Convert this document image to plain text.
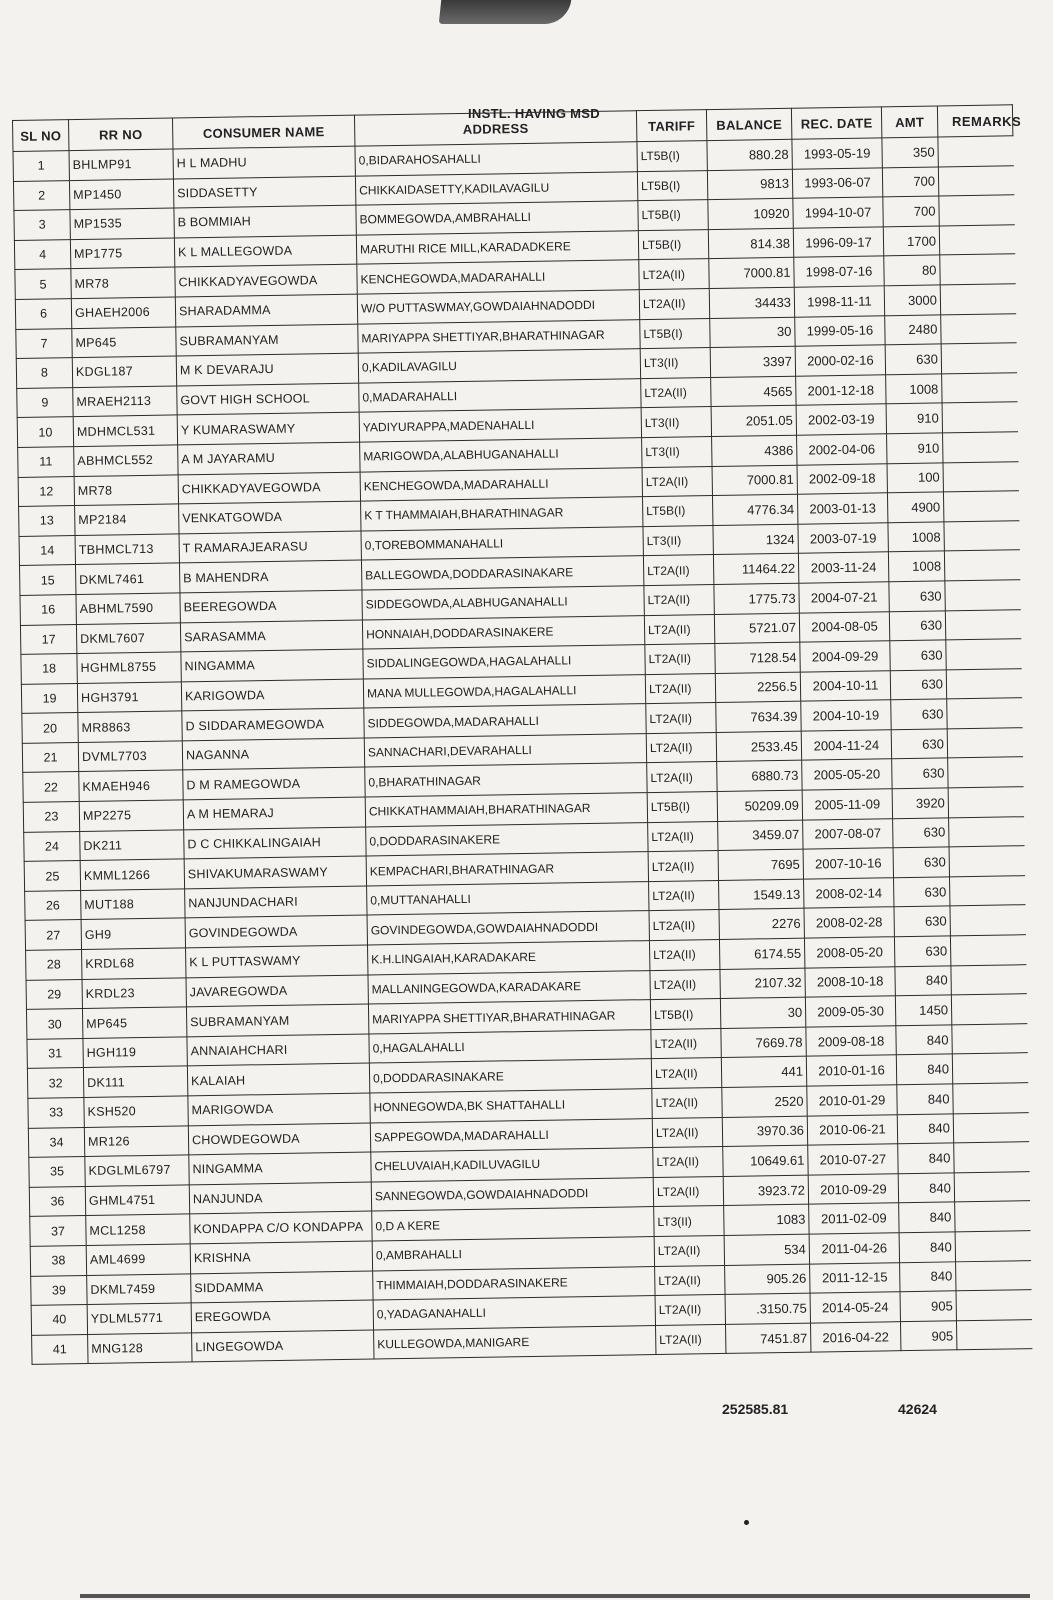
INSTL. HAVING MSD
REMARKS
SL NO	RR NO	CONSUMER NAME	ADDRESS	TARIFF	BALANCE	REC. DATE	AMT	
1	BHLMP91	H L MADHU	0,BIDARAHOSAHALLI	LT5B(I)	880.28	1993-05-19	350	
2	MP1450	SIDDASETTY	CHIKKAIDASETTY,KADILAVAGILU	LT5B(I)	9813	1993-06-07	700	
3	MP1535	B BOMMIAH	BOMMEGOWDA,AMBRAHALLI	LT5B(I)	10920	1994-10-07	700	
4	MP1775	K L MALLEGOWDA	MARUTHI RICE MILL,KARADADKERE	LT5B(I)	814.38	1996-09-17	1700	
5	MR78	CHIKKADYAVEGOWDA	KENCHEGOWDA,MADARAHALLI	LT2A(II)	7000.81	1998-07-16	80	
6	GHAEH2006	SHARADAMMA	W/O PUTTASWMAY,GOWDAIAHNADODDI	LT2A(II)	34433	1998-11-11	3000	
7	MP645	SUBRAMANYAM	MARIYAPPA SHETTIYAR,BHARATHINAGAR	LT5B(I)	30	1999-05-16	2480	
8	KDGL187	M K DEVARAJU	0,KADILAVAGILU	LT3(II)	3397	2000-02-16	630	
9	MRAEH2113	GOVT HIGH SCHOOL	0,MADARAHALLI	LT2A(II)	4565	2001-12-18	1008	
10	MDHMCL531	Y KUMARASWAMY	YADIYURAPPA,MADENAHALLI	LT3(II)	2051.05	2002-03-19	910	
11	ABHMCL552	A M JAYARAMU	MARIGOWDA,ALABHUGANAHALLI	LT3(II)	4386	2002-04-06	910	
12	MR78	CHIKKADYAVEGOWDA	KENCHEGOWDA,MADARAHALLI	LT2A(II)	7000.81	2002-09-18	100	
13	MP2184	VENKATGOWDA	K T THAMMAIAH,BHARATHINAGAR	LT5B(I)	4776.34	2003-01-13	4900	
14	TBHMCL713	T RAMARAJEARASU	0,TOREBOMMANAHALLI	LT3(II)	1324	2003-07-19	1008	
15	DKML7461	B MAHENDRA	BALLEGOWDA,DODDARASINAKARE	LT2A(II)	11464.22	2003-11-24	1008	
16	ABHML7590	BEEREGOWDA	SIDDEGOWDA,ALABHUGANAHALLI	LT2A(II)	1775.73	2004-07-21	630	
17	DKML7607	SARASAMMA	HONNAIAH,DODDARASINAKERE	LT2A(II)	5721.07	2004-08-05	630	
18	HGHML8755	NINGAMMA	SIDDALINGEGOWDA,HAGALAHALLI	LT2A(II)	7128.54	2004-09-29	630	
19	HGH3791	KARIGOWDA	MANA MULLEGOWDA,HAGALAHALLI	LT2A(II)	2256.5	2004-10-11	630	
20	MR8863	D SIDDARAMEGOWDA	SIDDEGOWDA,MADARAHALLI	LT2A(II)	7634.39	2004-10-19	630	
21	DVML7703	NAGANNA	SANNACHARI,DEVARAHALLI	LT2A(II)	2533.45	2004-11-24	630	
22	KMAEH946	D M RAMEGOWDA	0,BHARATHINAGAR	LT2A(II)	6880.73	2005-05-20	630	
23	MP2275	A M HEMARAJ	CHIKKATHAMMAIAH,BHARATHINAGAR	LT5B(I)	50209.09	2005-11-09	3920	
24	DK211	D C CHIKKALINGAIAH	0,DODDARASINAKERE	LT2A(II)	3459.07	2007-08-07	630	
25	KMML1266	SHIVAKUMARASWAMY	KEMPACHARI,BHARATHINAGAR	LT2A(II)	7695	2007-10-16	630	
26	MUT188	NANJUNDACHARI	0,MUTTANAHALLI	LT2A(II)	1549.13	2008-02-14	630	
27	GH9	GOVINDEGOWDA	GOVINDEGOWDA,GOWDAIAHNADODDI	LT2A(II)	2276	2008-02-28	630	
28	KRDL68	K L PUTTASWAMY	K.H.LINGAIAH,KARADAKARE	LT2A(II)	6174.55	2008-05-20	630	
29	KRDL23	JAVAREGOWDA	MALLANINGEGOWDA,KARADAKARE	LT2A(II)	2107.32	2008-10-18	840	
30	MP645	SUBRAMANYAM	MARIYAPPA SHETTIYAR,BHARATHINAGAR	LT5B(I)	30	2009-05-30	1450	
31	HGH119	ANNAIAHCHARI	0,HAGALAHALLI	LT2A(II)	7669.78	2009-08-18	840	
32	DK111	KALAIAH	0,DODDARASINAKARE	LT2A(II)	441	2010-01-16	840	
33	KSH520	MARIGOWDA	HONNEGOWDA,BK SHATTAHALLI	LT2A(II)	2520	2010-01-29	840	
34	MR126	CHOWDEGOWDA	SAPPEGOWDA,MADARAHALLI	LT2A(II)	3970.36	2010-06-21	840	
35	KDGLML6797	NINGAMMA	CHELUVAIAH,KADILUVAGILU	LT2A(II)	10649.61	2010-07-27	840	
36	GHML4751	NANJUNDA	SANNEGOWDA,GOWDAIAHNADODDI	LT2A(II)	3923.72	2010-09-29	840	
37	MCL1258	KONDAPPA C/O KONDAPPA	0,D A KERE	LT3(II)	1083	2011-02-09	840	
38	AML4699	KRISHNA	0,AMBRAHALLI	LT2A(II)	534	2011-04-26	840	
39	DKML7459	SIDDAMMA	THIMMAIAH,DODDARASINAKERE	LT2A(II)	905.26	2011-12-15	840	
40	YDLML5771	EREGOWDA	0,YADAGANAHALLI	LT2A(II)	.3150.75	2014-05-24	905	
41	MNG128	LINGEGOWDA	KULLEGOWDA,MANIGARE	LT2A(II)	7451.87	2016-04-22	905	
252585.81	42624
